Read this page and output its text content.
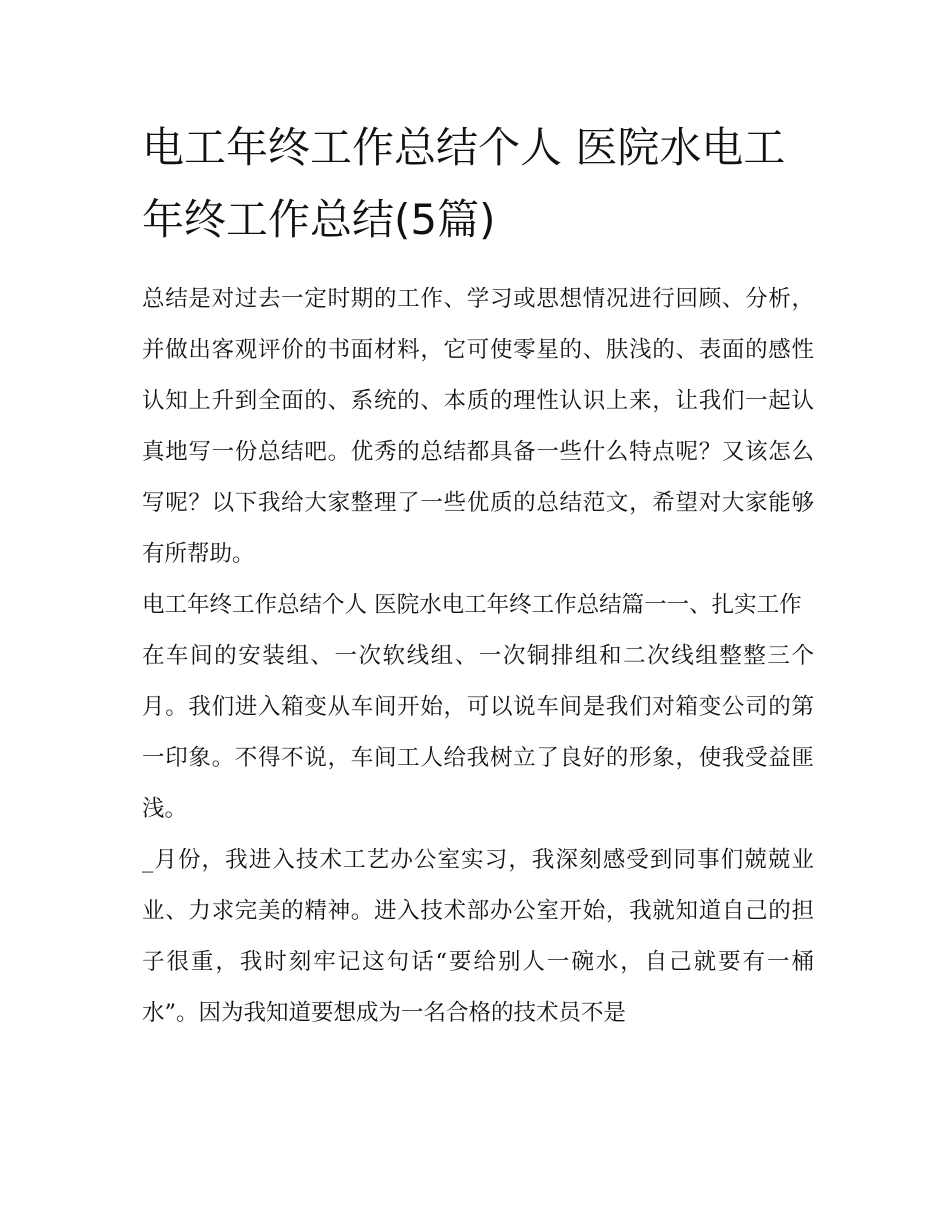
电工年终工作总结个人 医院水电工年终工作总结(5篇)

总结是对过去一定时期的工作、学习或思想情况进行回顾、分析，并做出客观评价的书面材料，它可使零星的、肤浅的、表面的感性认知上升到全面的、系统的、本质的理性认识上来，让我们一起认真地写一份总结吧。优秀的总结都具备一些什么特点呢？又该怎么写呢？以下我给大家整理了一些优质的总结范文，希望对大家能够有所帮助。

电工年终工作总结个人 医院水电工年终工作总结篇一一、扎实工作

在车间的安装组、一次软线组、一次铜排组和二次线组整整三个月。我们进入箱变从车间开始，可以说车间是我们对箱变公司的第一印象。不得不说，车间工人给我树立了良好的形象，使我受益匪浅。

_月份，我进入技术工艺办公室实习，我深刻感受到同事们兢兢业业、力求完美的精神。进入技术部办公室开始，我就知道自己的担子很重，我时刻牢记这句话“要给别人一碗水，自己就要有一桶水”。因为我知道要想成为一名合格的技术员不是
